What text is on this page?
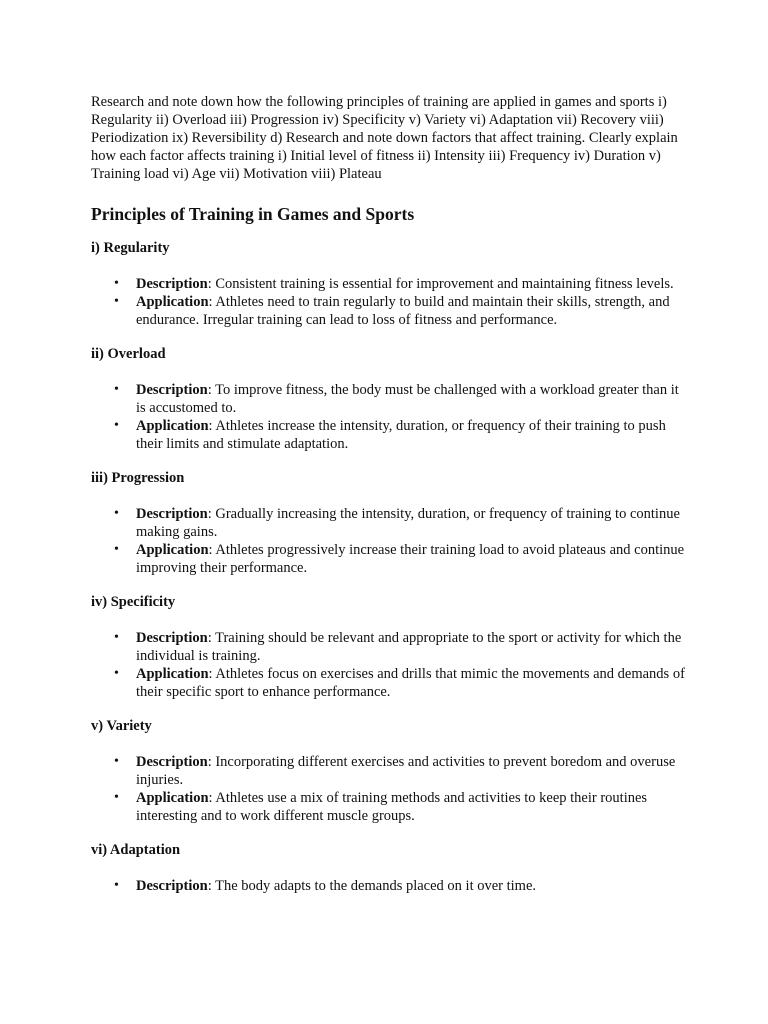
Research and note down how the following principles of training are applied in games and sports i) Regularity ii) Overload iii) Progression iv) Specificity v) Variety vi) Adaptation vii) Recovery viii) Periodization ix) Reversibility d) Research and note down factors that affect training. Clearly explain how each factor affects training i) Initial level of fitness ii) Intensity iii) Frequency iv) Duration v) Training load vi) Age vii) Motivation viii) Plateau

Principles of Training in Games and Sports
i) Regularity
• Description: Consistent training is essential for improvement and maintaining fitness levels.
• Application: Athletes need to train regularly to build and maintain their skills, strength, and endurance. Irregular training can lead to loss of fitness and performance.
ii) Overload
• Description: To improve fitness, the body must be challenged with a workload greater than it is accustomed to.
• Application: Athletes increase the intensity, duration, or frequency of their training to push their limits and stimulate adaptation.
iii) Progression
• Description: Gradually increasing the intensity, duration, or frequency of training to continue making gains.
• Application: Athletes progressively increase their training load to avoid plateaus and continue improving their performance.
iv) Specificity
• Description: Training should be relevant and appropriate to the sport or activity for which the individual is training.
• Application: Athletes focus on exercises and drills that mimic the movements and demands of their specific sport to enhance performance.
v) Variety
• Description: Incorporating different exercises and activities to prevent boredom and overuse injuries.
• Application: Athletes use a mix of training methods and activities to keep their routines interesting and to work different muscle groups.
vi) Adaptation
• Description: The body adapts to the demands placed on it over time.
